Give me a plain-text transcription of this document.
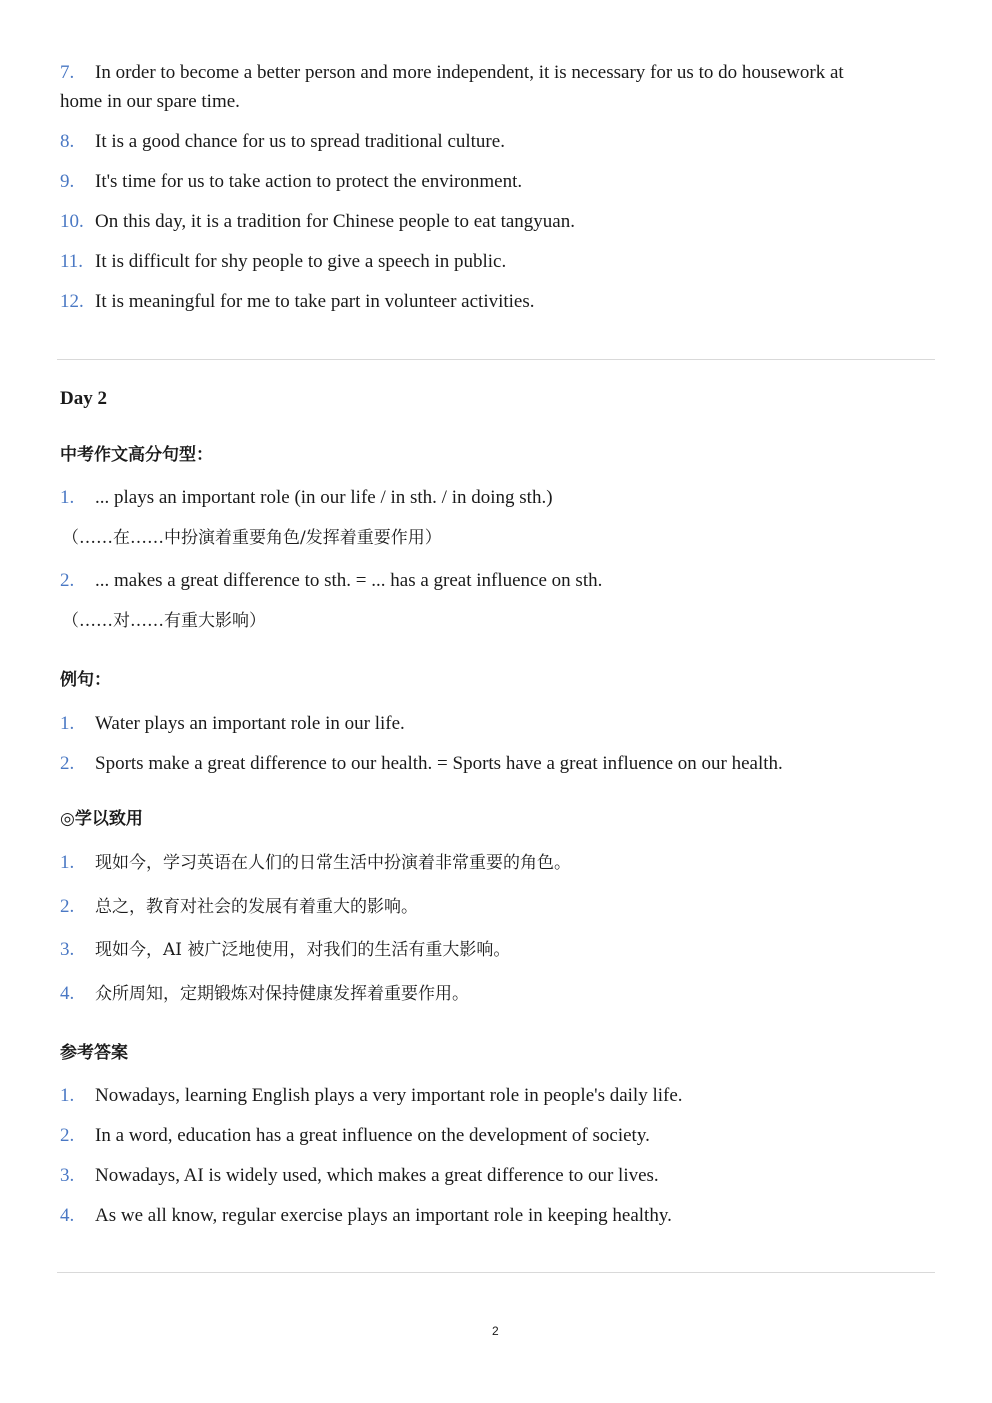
7. In order to become a better person and more independent, it is necessary for us to do housework at
home in our spare time.
8. It is a good chance for us to spread traditional culture.
9. It's time for us to take action to protect the environment.
10. On this day, it is a tradition for Chinese people to eat tangyuan.
11. It is difficult for shy people to give a speech in public.
12. It is meaningful for me to take part in volunteer activities.
Day 2
中考作文高分句型：
1. ... plays an important role (in our life / in sth. / in doing sth.)
（……在……中扮演着重要角色/发挥着重要作用）
2. ... makes a great difference to sth. = ... has a great influence on sth.
（……对……有重大影响）
例句：
1. Water plays an important role in our life.
2. Sports make a great difference to our health. = Sports have a great influence on our health.
◎学以致用
1. 现如今，学习英语在人们的日常生活中扮演着非常重要的角色。
2. 总之，教育对社会的发展有着重大的影响。
3. 现如今，AI 被广泛地使用，对我们的生活有重大影响。
4. 众所周知，定期锻炼对保持健康发挥着重要作用。
参考答案
1. Nowadays, learning English plays a very important role in people's daily life.
2. In a word, education has a great influence on the development of society.
3. Nowadays, AI is widely used, which makes a great difference to our lives.
4. As we all know, regular exercise plays an important role in keeping healthy.
2
